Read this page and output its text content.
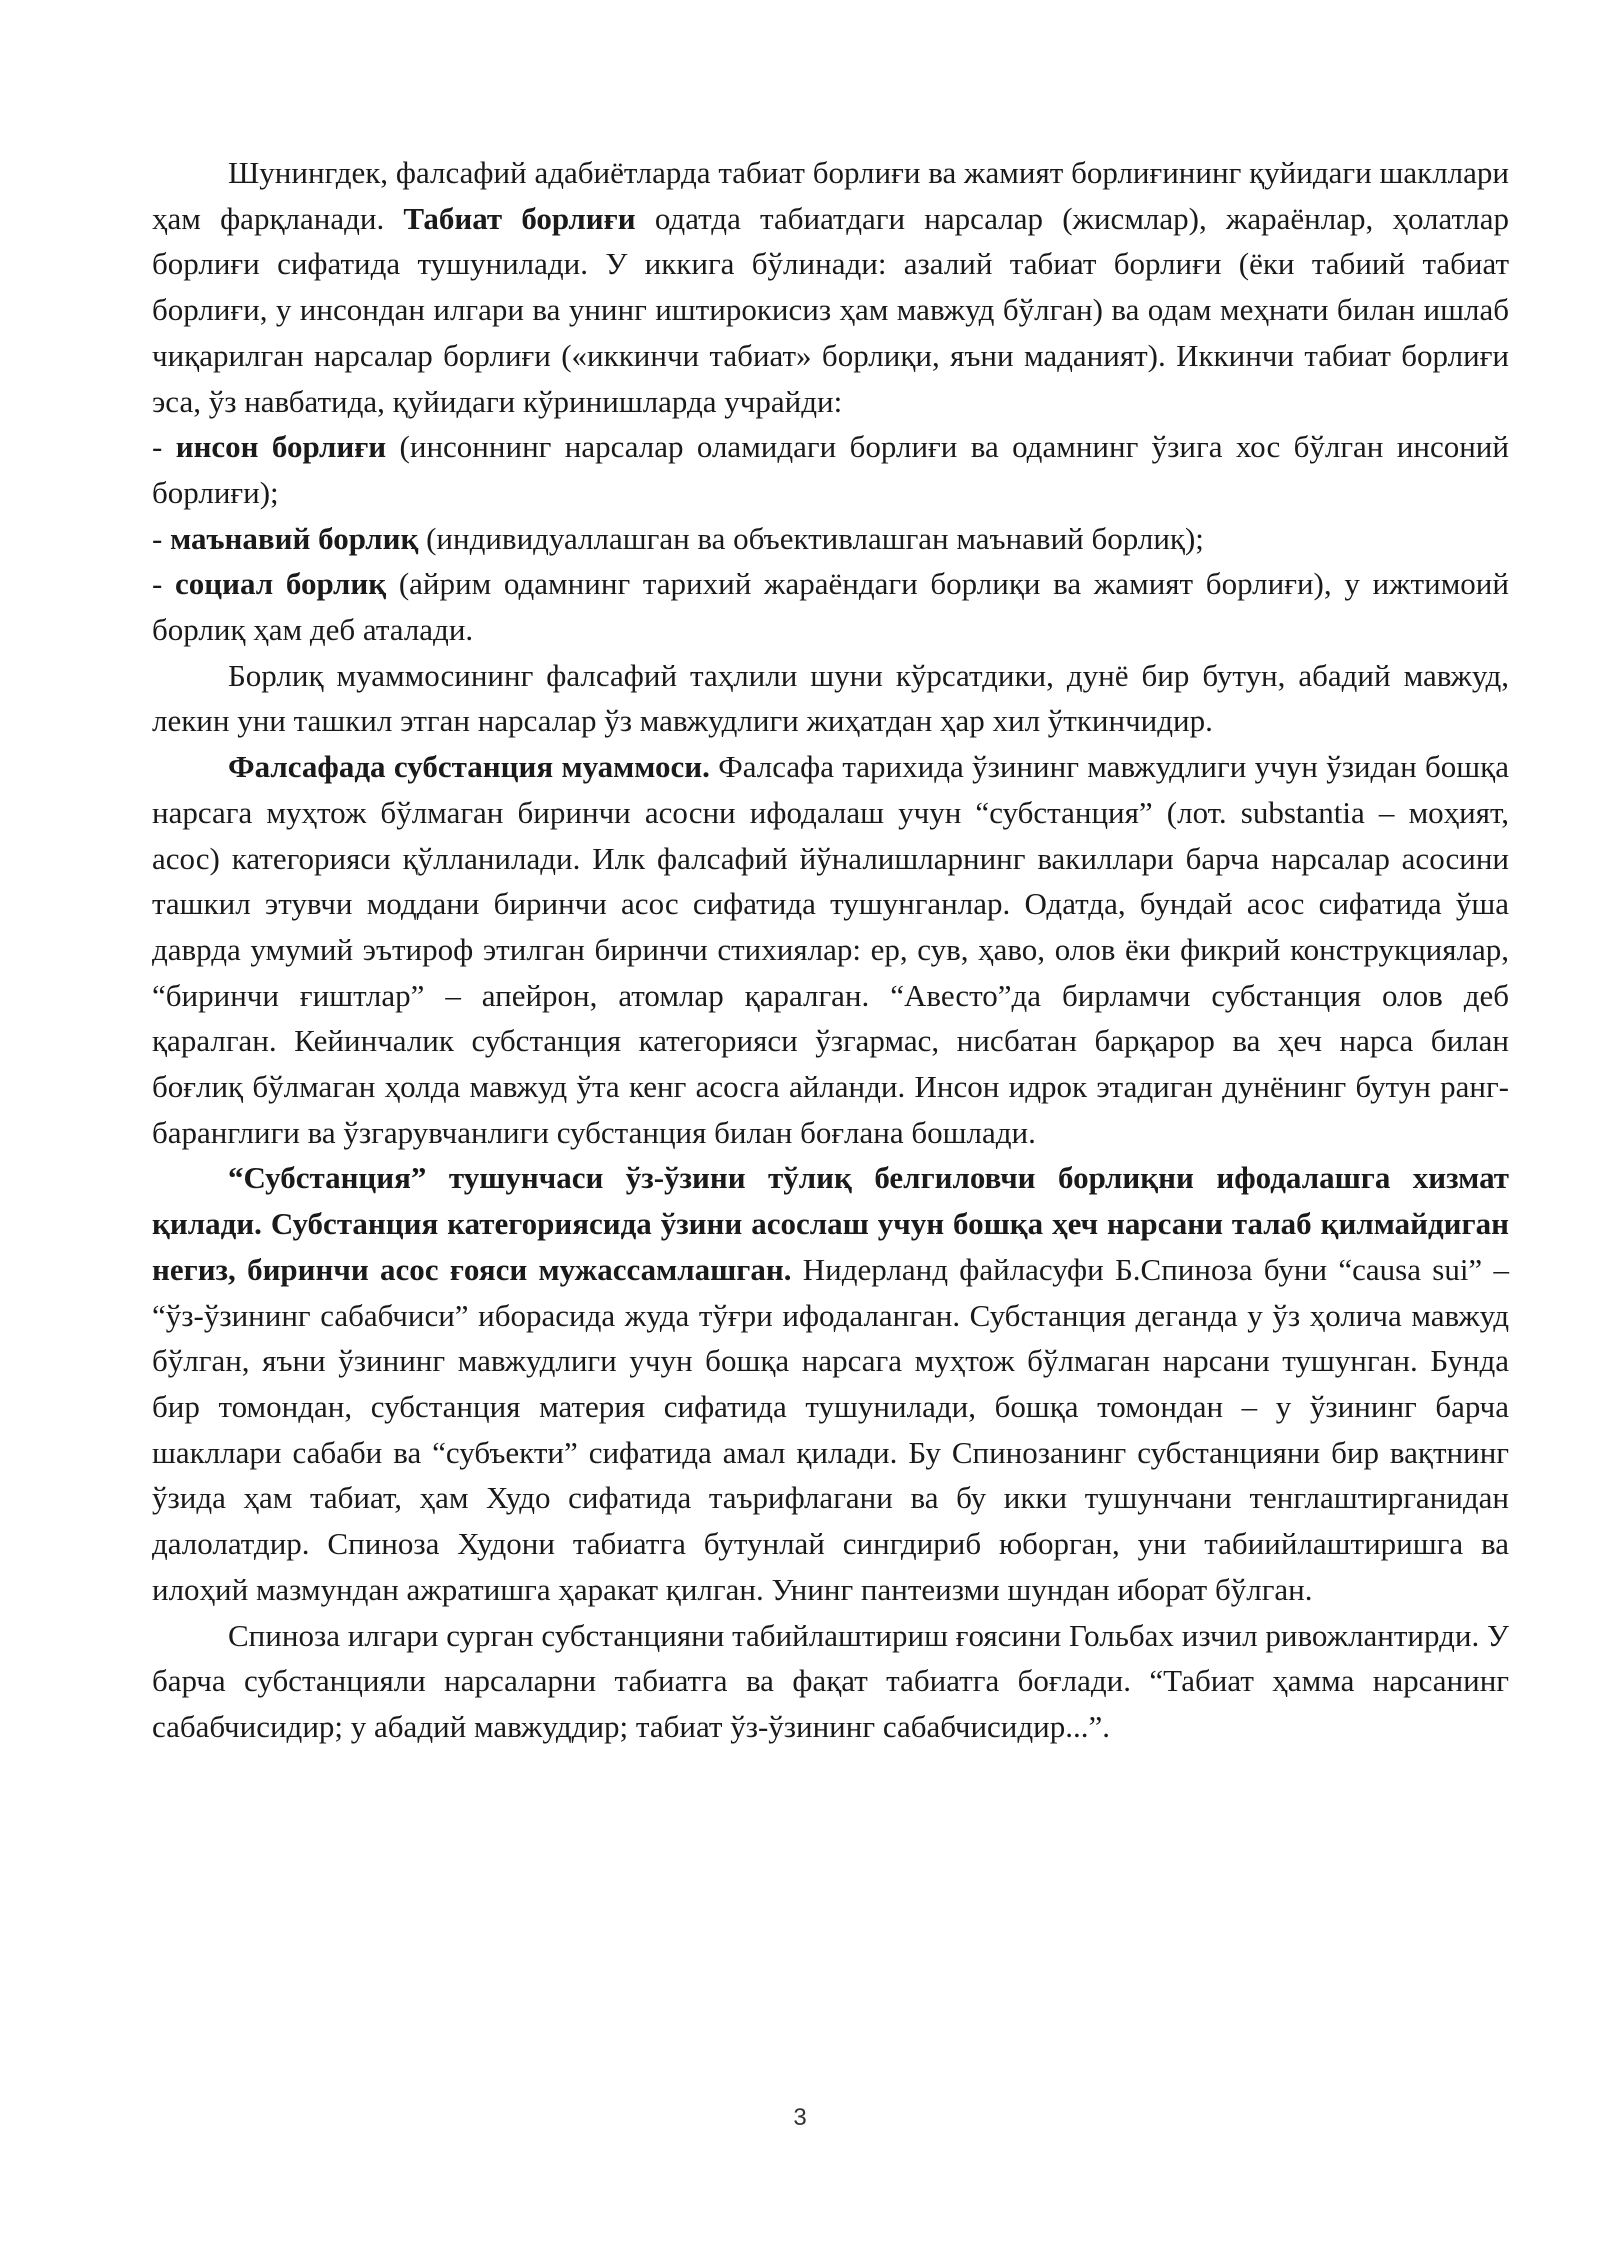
Шунингдек, фалсафий адабиётларда табиат борлиғи ва жамият борлиғининг қуйидаги шакллари ҳам фарқланади. Табиат борлиғи одатда табиатдаги нарсалар (жисмлар), жараёнлар, ҳолатлар борлиғи сифатида тушунилади. У иккига бўлинади: азалий табиат борлиғи (ёки табиий табиат борлиғи, у инсондан илгари ва унинг иштирокисиз ҳам мавжуд бўлган) ва одам меҳнати билан ишлаб чиқарилган нарсалар борлиғи («иккинчи табиат» борлиқи, яъни маданият). Иккинчи табиат борлиғи эса, ўз навбатида, қуйидаги кўринишларда учрайди:

- инсон борлиғи (инсоннинг нарсалар оламидаги борлиғи ва одамнинг ўзига хос бўлган инсоний борлиғи);

- маънавий борлиқ (индивидуаллашган ва объективлашган маънавий борлиқ);

- социал борлиқ (айрим одамнинг тарихий жараёндаги борлиқи ва жамият борлиғи), у ижтимоий борлиқ ҳам деб аталади.

Борлиқ муаммосининг фалсафий таҳлили шуни кўрсатдики, дунё бир бутун, абадий мавжуд, лекин уни ташкил этган нарсалар ўз мавжудлиги жиҳатдан ҳар хил ўткинчидир.

Фалсафада субстанция муаммоси. Фалсафа тарихида ўзининг мавжудлиги учун ўзидан бошқа нарсага муҳтож бўлмаган биринчи асосни ифодалаш учун “субстанция” (лот. substantia – моҳият, асос) категорияси қўлланилади. Илк фалсафий йўналишларнинг вакиллари барча нарсалар асосини ташкил этувчи моддани биринчи асос сифатида тушунганлар. Одатда, бундай асос сифатида ўша даврда умумий эътироф этилган биринчи стихиялар: ер, сув, ҳаво, олов ёки фикрий конструкциялар, “биринчи ғиштлар” – апейрон, атомлар қаралган. “Авесто”да бирламчи субстанция олов деб қаралган. Кейинчалик субстанция категорияси ўзгармас, нисбатан барқарор ва ҳеч нарса билан боғлиқ бўлмаган ҳолда мавжуд ўта кенг асосга айланди. Инсон идрок этадиган дунёнинг бутун ранг-баранглиги ва ўзгарувчанлиги субстанция билан боғлана бошлади.

“Субстанция” тушунчаси ўз-ўзини тўлиқ белгиловчи борлиқни ифодалашга хизмат қилади. Субстанция категориясида ўзини асослаш учун бошқа ҳеч нарсани талаб қилмайдиган негиз, биринчи асос ғояси мужассамлашган. Нидерланд файласуфи Б.Спиноза буни “causa sui” – “ўз-ўзининг сабабчиси” иборасида жуда тўғри ифодаланган. Субстанция деганда у ўз ҳолича мавжуд бўлган, яъни ўзининг мавжудлиги учун бошқа нарсага муҳтож бўлмаган нарсани тушунган. Бунда бир томондан, субстанция материя сифатида тушунилади, бошқа томондан – у ўзининг барча шакллари сабаби ва “субъекти” сифатида амал қилади. Бу Спинозанинг субстанцияни бир вақтнинг ўзида ҳам табиат, ҳам Худо сифатида таърифлагани ва бу икки тушунчани тенглаштирганидан далолатдир. Спиноза Худони табиатга бутунлай сингдириб юборган, уни табиийлаштиришга ва илоҳий мазмундан ажратишга ҳаракат қилган. Унинг пантеизми шундан иборат бўлган.

Спиноза илгари сурган субстанцияни табийлаштириш ғоясини Гольбах изчил ривожлантирди. У барча субстанцияли нарсаларни табиатга ва фақат табиатга боғлади. “Табиат ҳамма нарсанинг сабабчисидир; у абадий мавжуддир; табиат ўз-ўзининг сабабчисидир...”.

3
